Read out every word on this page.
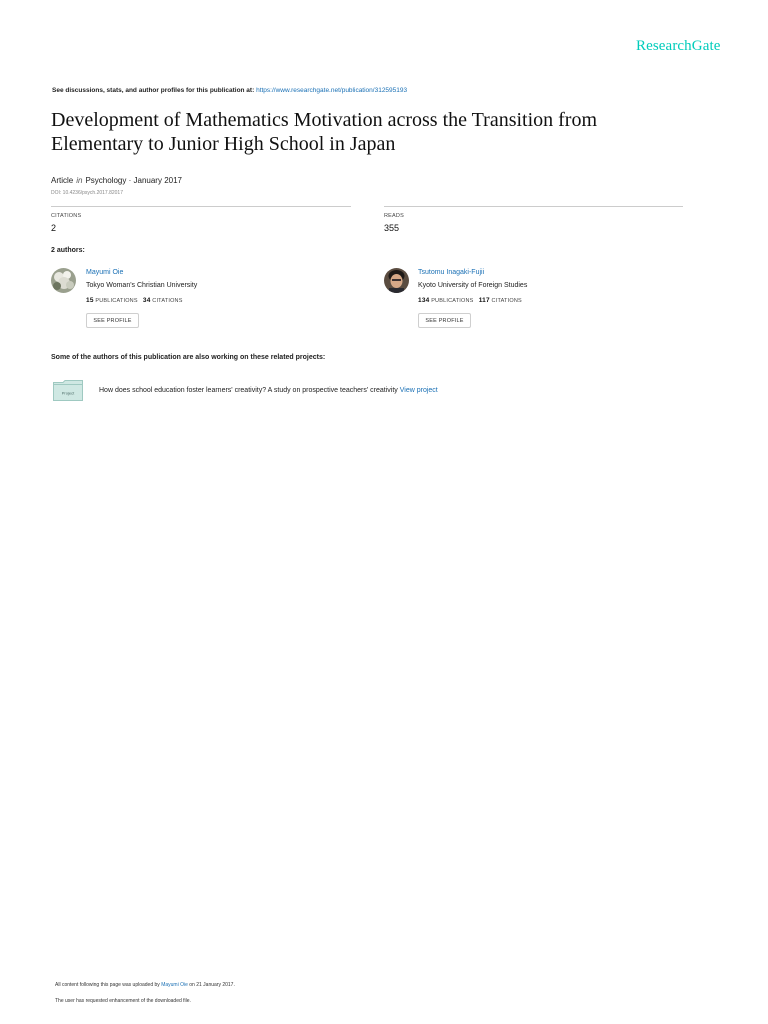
ResearchGate
See discussions, stats, and author profiles for this publication at: https://www.researchgate.net/publication/312595193
Development of Mathematics Motivation across the Transition from Elementary to Junior High School in Japan
Article in Psychology · January 2017
DOI: 10.4236/psych.2017.82017
CITATIONS
2
READS
355
2 authors:
Mayumi Oie
Tokyo Woman's Christian University
15 PUBLICATIONS 34 CITATIONS
SEE PROFILE
Tsutomu Inagaki-Fujii
Kyoto University of Foreign Studies
134 PUBLICATIONS 117 CITATIONS
SEE PROFILE
Some of the authors of this publication are also working on these related projects:
Project	How does school education foster learners' creativity? A study on prospective teachers' creativity View project
All content following this page was uploaded by Mayumi Oie on 21 January 2017.
The user has requested enhancement of the downloaded file.
